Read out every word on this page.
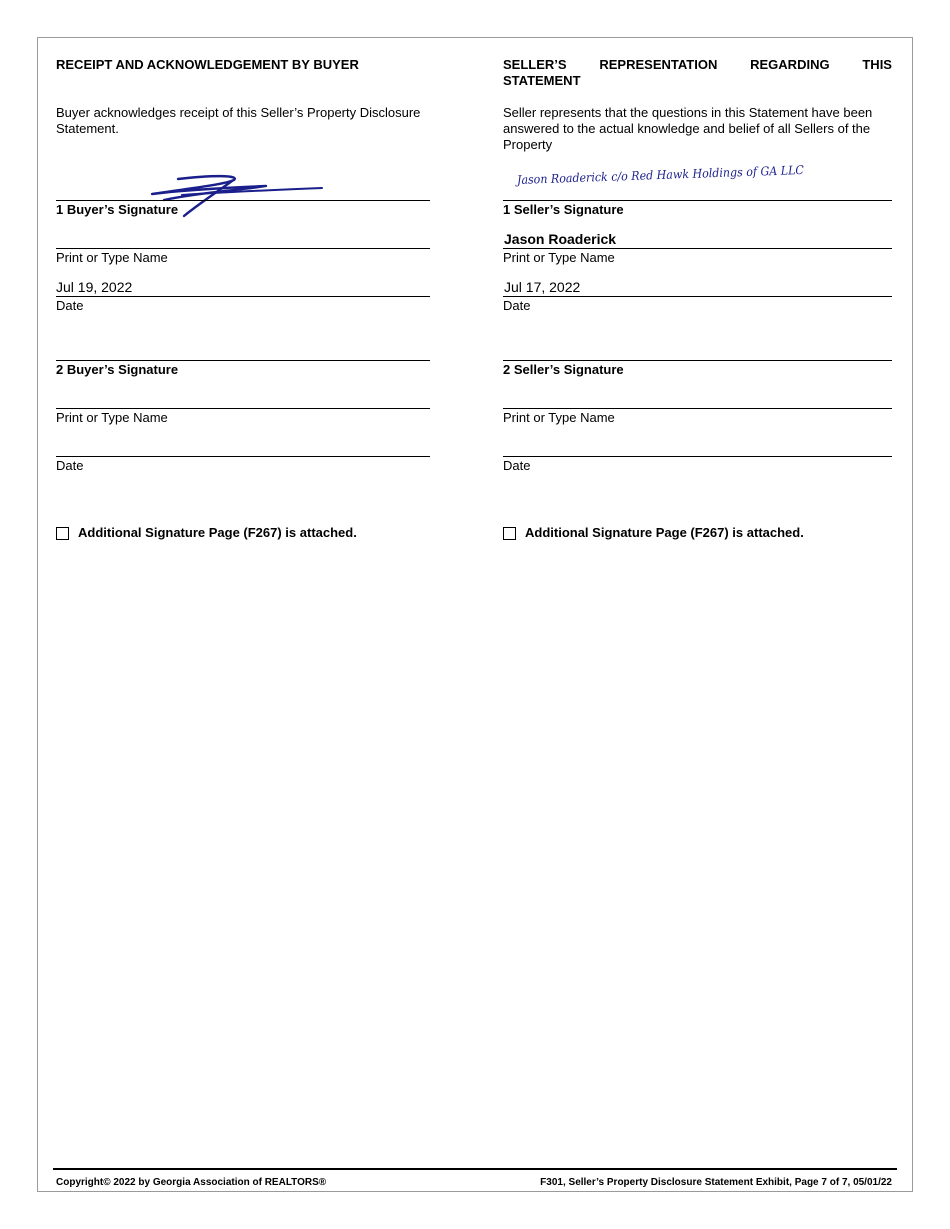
RECEIPT AND ACKNOWLEDGEMENT BY BUYER
Buyer acknowledges receipt of this Seller’s Property Disclosure Statement.
1 Buyer’s Signature
Print or Type Name
Jul 19, 2022
Date
2 Buyer’s Signature
Print or Type Name
Date
Additional Signature Page (F267) is attached.
SELLER’S	REPRESENTATION	REGARDING	THIS
STATEMENT
Seller represents that the questions in this Statement have been answered to the actual knowledge and belief of all Sellers of the Property
Jason Roaderick c/o Red Hawk Holdings of GA LLC
1 Seller’s Signature
Jason Roaderick
Print or Type Name
Jul 17, 2022
Date
2 Seller’s Signature
Print or Type Name
Date
Additional Signature Page (F267) is attached.
Copyright© 2022 by Georgia Association of REALTORS®	F301, Seller’s Property Disclosure Statement Exhibit, Page 7 of 7, 05/01/22
